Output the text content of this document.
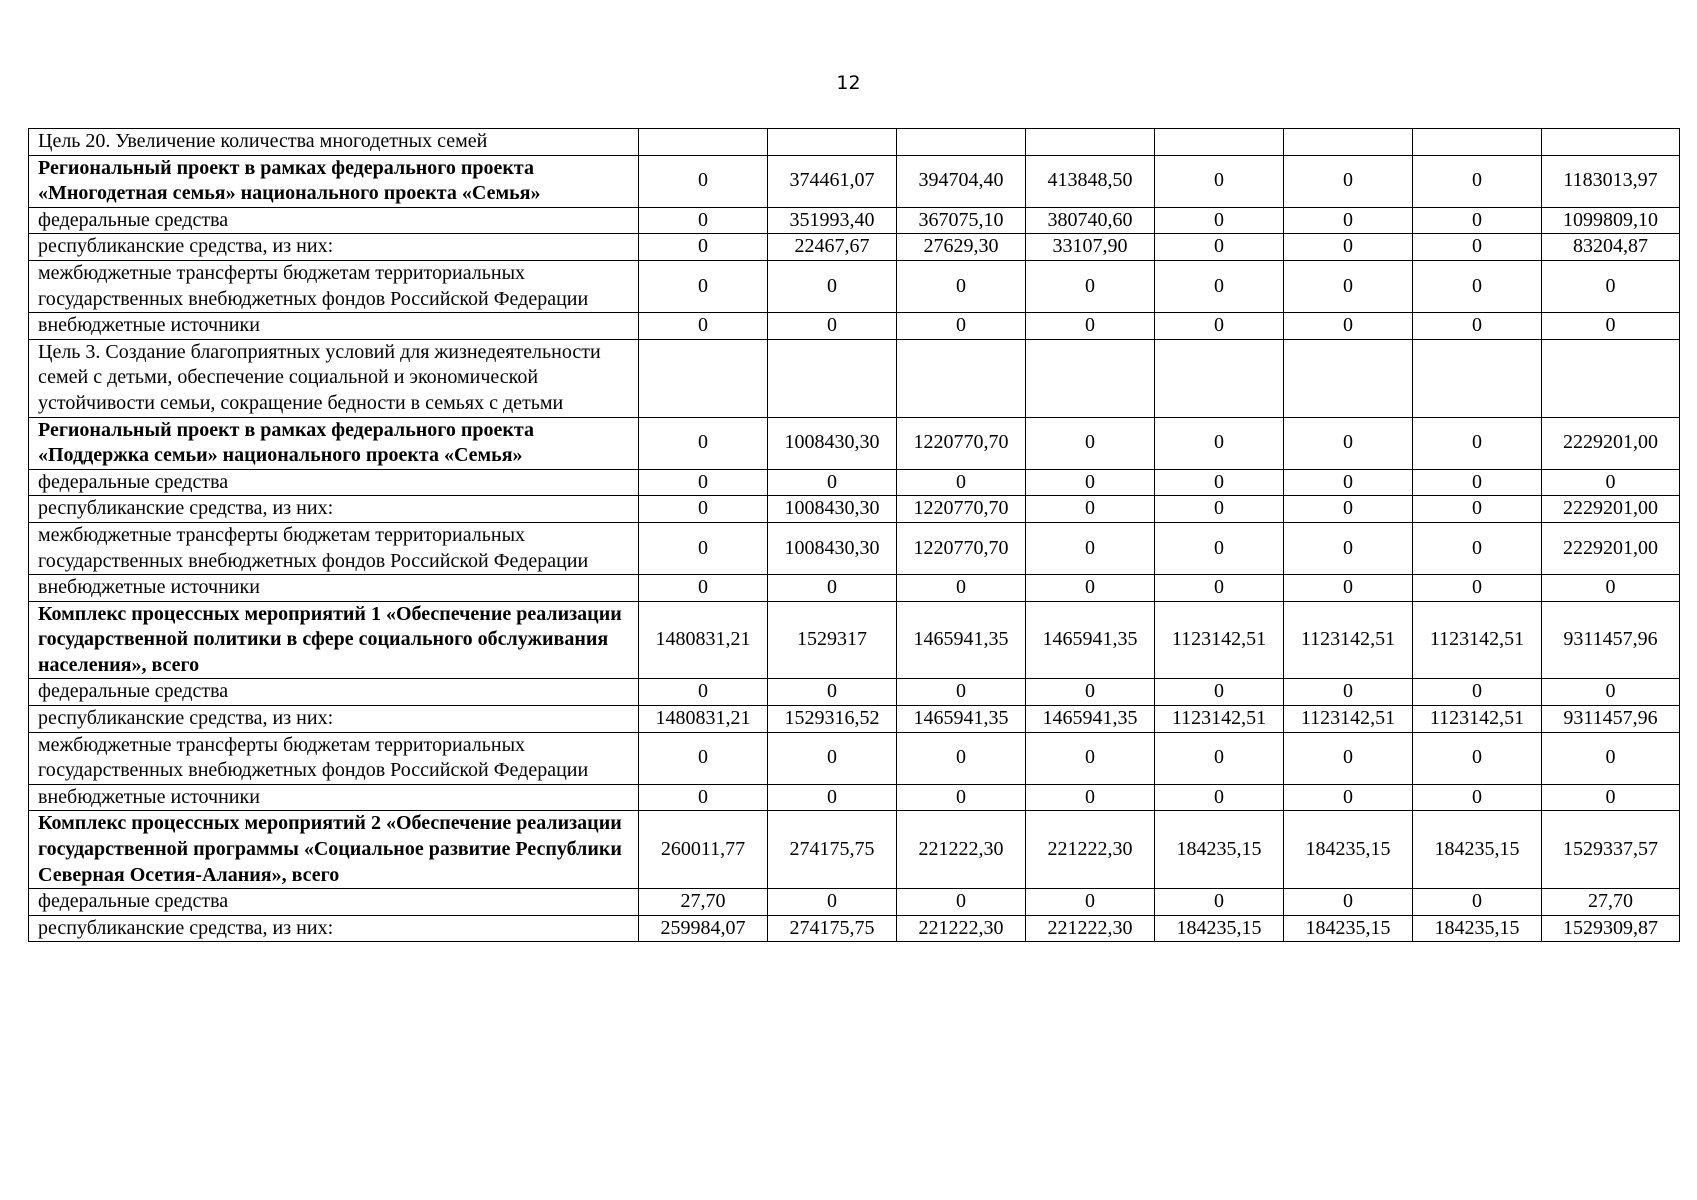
12
Цель 20. Увеличение количества многодетных семей								
Региональный проект в рамках федерального проекта «Многодетная семья» национального проекта «Семья»	0	374461,07	394704,40	413848,50	0	0	0	1183013,97
федеральные средства	0	351993,40	367075,10	380740,60	0	0	0	1099809,10
республиканские средства, из них:	0	22467,67	27629,30	33107,90	0	0	0	83204,87
межбюджетные трансферты бюджетам территориальных государственных внебюджетных фондов Российской Федерации	0	0	0	0	0	0	0	0
внебюджетные источники	0	0	0	0	0	0	0	0
Цель 3. Создание благоприятных условий для жизнедеятельности семей с детьми, обеспечение социальной и экономической устойчивости семьи, сокращение бедности в семьях с детьми								
Региональный проект в рамках федерального проекта «Поддержка семьи» национального проекта «Семья»	0	1008430,30	1220770,70	0	0	0	0	2229201,00
федеральные средства	0	0	0	0	0	0	0	0
республиканские средства, из них:	0	1008430,30	1220770,70	0	0	0	0	2229201,00
межбюджетные трансферты бюджетам территориальных государственных внебюджетных фондов Российской Федерации	0	1008430,30	1220770,70	0	0	0	0	2229201,00
внебюджетные источники	0	0	0	0	0	0	0	0
Комплекс процессных мероприятий 1 «Обеспечение реализации государственной политики в сфере социального обслуживания населения», всего	1480831,21	1529317	1465941,35	1465941,35	1123142,51	1123142,51	1123142,51	9311457,96
федеральные средства	0	0	0	0	0	0	0	0
республиканские средства, из них:	1480831,21	1529316,52	1465941,35	1465941,35	1123142,51	1123142,51	1123142,51	9311457,96
межбюджетные трансферты бюджетам территориальных государственных внебюджетных фондов Российской Федерации	0	0	0	0	0	0	0	0
внебюджетные источники	0	0	0	0	0	0	0	0
Комплекс процессных мероприятий 2 «Обеспечение реализации государственной программы «Социальное развитие Республики Северная Осетия-Алания», всего	260011,77	274175,75	221222,30	221222,30	184235,15	184235,15	184235,15	1529337,57
федеральные средства	27,70	0	0	0	0	0	0	27,70
республиканские средства, из них:	259984,07	274175,75	221222,30	221222,30	184235,15	184235,15	184235,15	1529309,87
